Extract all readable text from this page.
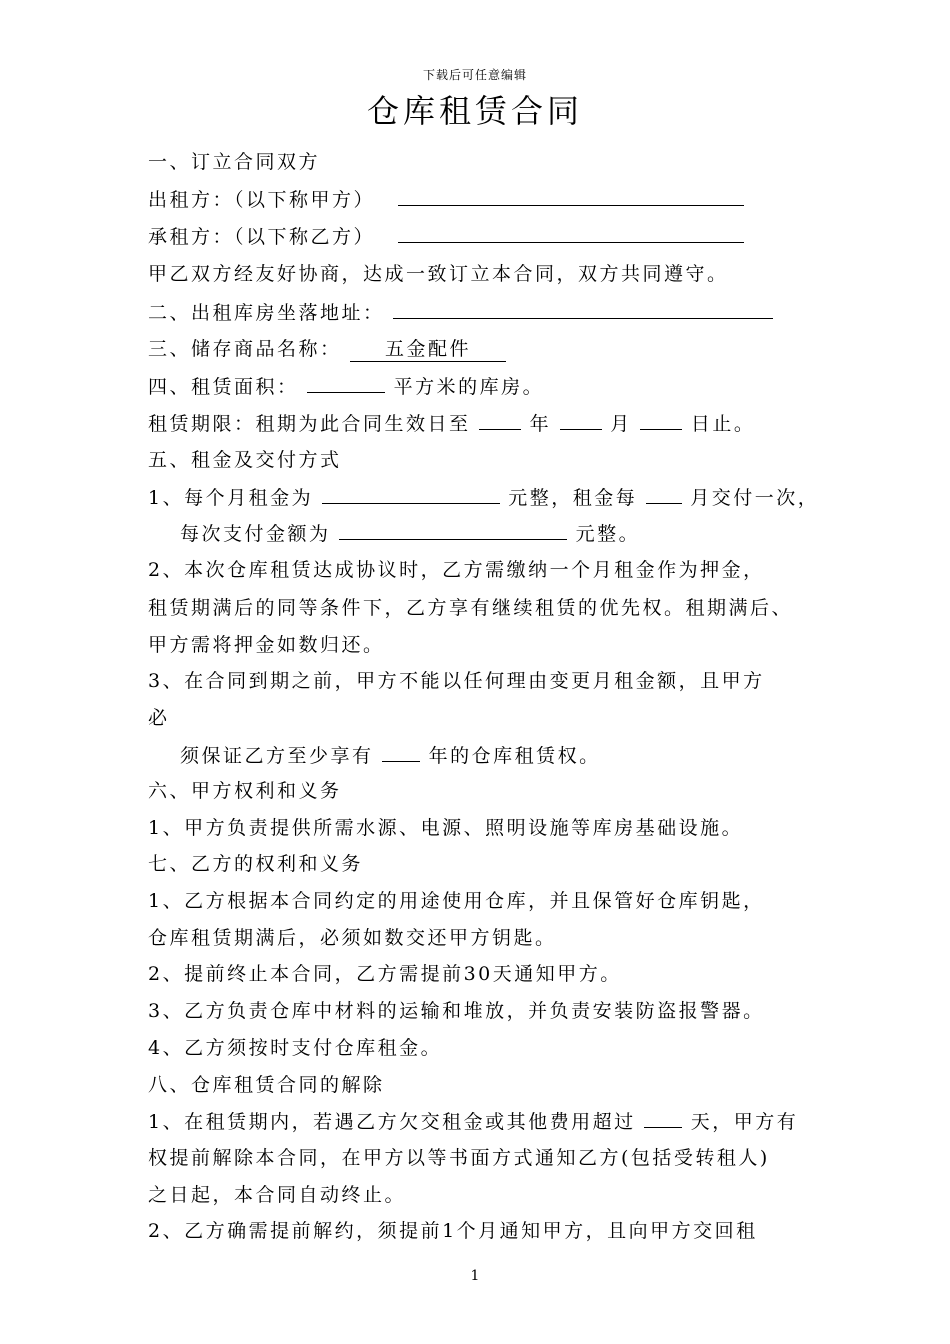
下载后可任意编辑
仓库租赁合同
一、订立合同双方
出租方：（以下称甲方）
承租方：（以下称乙方）
甲乙双方经友好协商，达成一致订立本合同，双方共同遵守。
二、出租库房坐落地址：
三、储存商品名称： 五金配件
四、租赁面积：	平方米的库房。
租赁期限：租期为此合同生效日至	年	月	日止。
五、租金及交付方式
1、每个月租金为	元整，租金每	月交付一次，
每次支付金额为	元整。
2、本次仓库租赁达成协议时，乙方需缴纳一个月租金作为押金，
租赁期满后的同等条件下，乙方享有继续租赁的优先权。租期满后、
甲方需将押金如数归还。
3、在合同到期之前，甲方不能以任何理由变更月租金额，且甲方
必
须保证乙方至少享有	年的仓库租赁权。
六、甲方权利和义务
1、甲方负责提供所需水源、电源、照明设施等库房基础设施。
七、乙方的权利和义务
1、乙方根据本合同约定的用途使用仓库，并且保管好仓库钥匙，
仓库租赁期满后，必须如数交还甲方钥匙。
2、提前终止本合同，乙方需提前30天通知甲方。
3、乙方负责仓库中材料的运输和堆放，并负责安装防盗报警器。
4、乙方须按时支付仓库租金。
八、仓库租赁合同的解除
1、在租赁期内，若遇乙方欠交租金或其他费用超过	天，甲方有
权提前解除本合同，在甲方以等书面方式通知乙方(包括受转租人)
之日起，本合同自动终止。
2、乙方确需提前解约，须提前1个月通知甲方，且向甲方交回租
1
